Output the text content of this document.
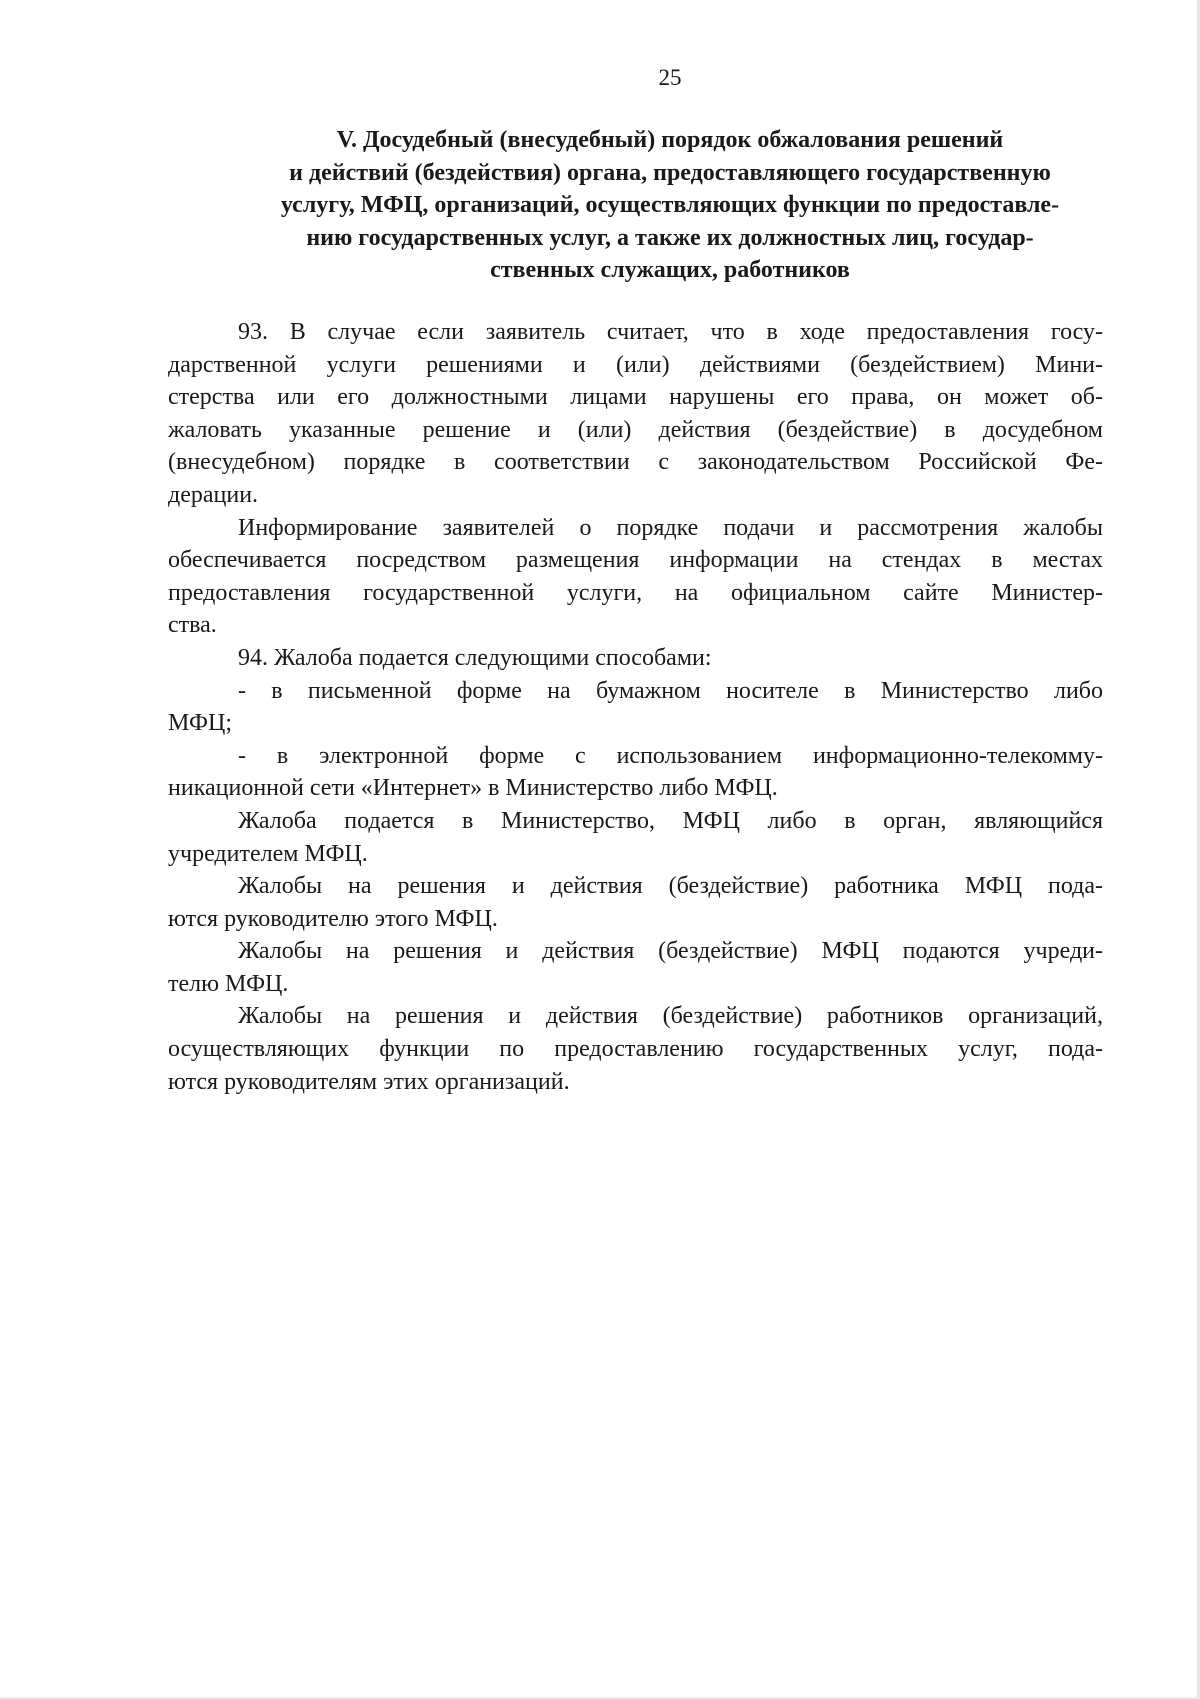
25

V. Досудебный (внесудебный) порядок обжалования решений
и действий (бездействия) органа, предоставляющего государственную
услугу, МФЦ, организаций, осуществляющих функции по предоставле-
нию государственных услуг, а также их должностных лиц, государ-
ственных служащих, работников
93. В случае если заявитель считает, что в ходе предоставления госу-
дарственной услуги решениями и (или) действиями (бездействием) Мини-
стерства или его должностными лицами нарушены его права, он может об-
жаловать указанные решение и (или) действия (бездействие) в досудебном
(внесудебном) порядке в соответствии с законодательством Российской Фе-
дерации.
Информирование заявителей о порядке подачи и рассмотрения жалобы
обеспечивается посредством размещения информации на стендах в местах
предоставления государственной услуги, на официальном сайте Министер-
ства.
94. Жалоба подается следующими способами:
- в письменной форме на бумажном носителе в Министерство либо
МФЦ;
- в электронной форме с использованием информационно-телекомму-
никационной сети «Интернет» в Министерство либо МФЦ.
Жалоба подается в Министерство, МФЦ либо в орган, являющийся
учредителем МФЦ.
Жалобы на решения и действия (бездействие) работника МФЦ пода-
ются руководителю этого МФЦ.
Жалобы на решения и действия (бездействие) МФЦ подаются учреди-
телю МФЦ.
Жалобы на решения и действия (бездействие) работников организаций,
осуществляющих функции по предоставлению государственных услуг, пода-
ются руководителям этих организаций.
